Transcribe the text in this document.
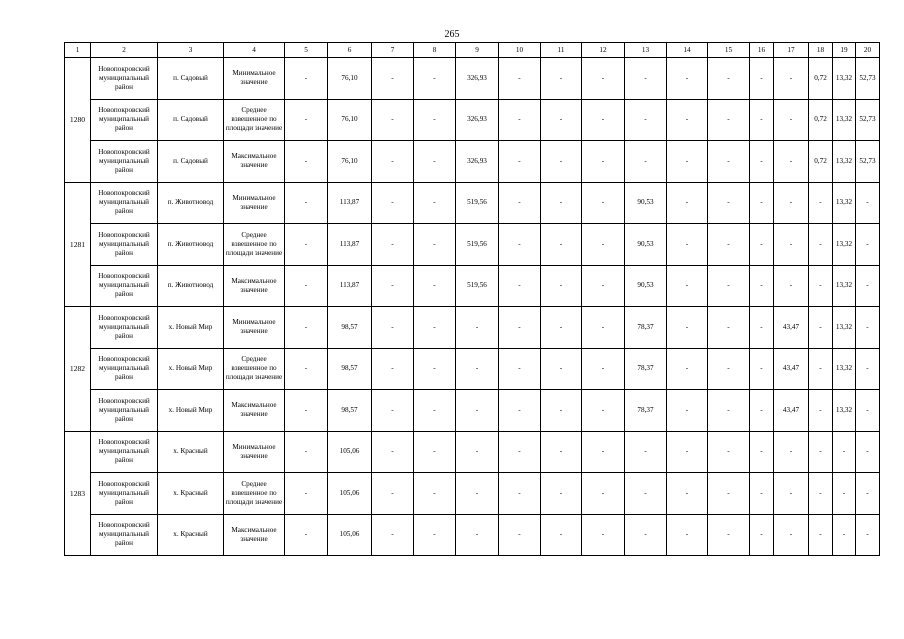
265
1	2	3	4	5	6	7	8	9	10	11	12	13	14	15	16	17	18	19	20
1280	Новопокровский муниципальный район	п. Садовый	Минимальное значение	-	76,10	-	-	326,93	-	-	-	-	-	-	-	-	0,72	13,32	52,73
	Новопокровский муниципальный район	п. Садовый	Среднее взвешенное по площади значение	-	76,10	-	-	326,93	-	-	-	-	-	-	-	-	0,72	13,32	52,73
	Новопокровский муниципальный район	п. Садовый	Максимальное значение	-	76,10	-	-	326,93	-	-	-	-	-	-	-	-	0,72	13,32	52,73
1281	Новопокровский муниципальный район	п. Животновод	Минимальное значение	-	113,87	-	-	519,56	-	-	-	90,53	-	-	-	-	-	13,32	-
	Новопокровский муниципальный район	п. Животновод	Среднее взвешенное по площади значение	-	113,87	-	-	519,56	-	-	-	90,53	-	-	-	-	-	13,32	-
	Новопокровский муниципальный район	п. Животновод	Максимальное значение	-	113,87	-	-	519,56	-	-	-	90,53	-	-	-	-	-	13,32	-
1282	Новопокровский муниципальный район	х. Новый Мир	Минимальное значение	-	98,57	-	-	-	-	-	-	78,37	-	-	-	43,47	-	13,32	-
	Новопокровский муниципальный район	х. Новый Мир	Среднее взвешенное по площади значение	-	98,57	-	-	-	-	-	-	78,37	-	-	-	43,47	-	13,32	-
	Новопокровский муниципальный район	х. Новый Мир	Максимальное значение	-	98,57	-	-	-	-	-	-	78,37	-	-	-	43,47	-	13,32	-
1283	Новопокровский муниципальный район	х. Красный	Минимальное значение	-	105,06	-	-	-	-	-	-	-	-	-	-	-	-	-	-
	Новопокровский муниципальный район	х. Красный	Среднее взвешенное по площади значение	-	105,06	-	-	-	-	-	-	-	-	-	-	-	-	-	-
	Новопокровский муниципальный район	х. Красный	Максимальное значение	-	105,06	-	-	-	-	-	-	-	-	-	-	-	-	-	-
